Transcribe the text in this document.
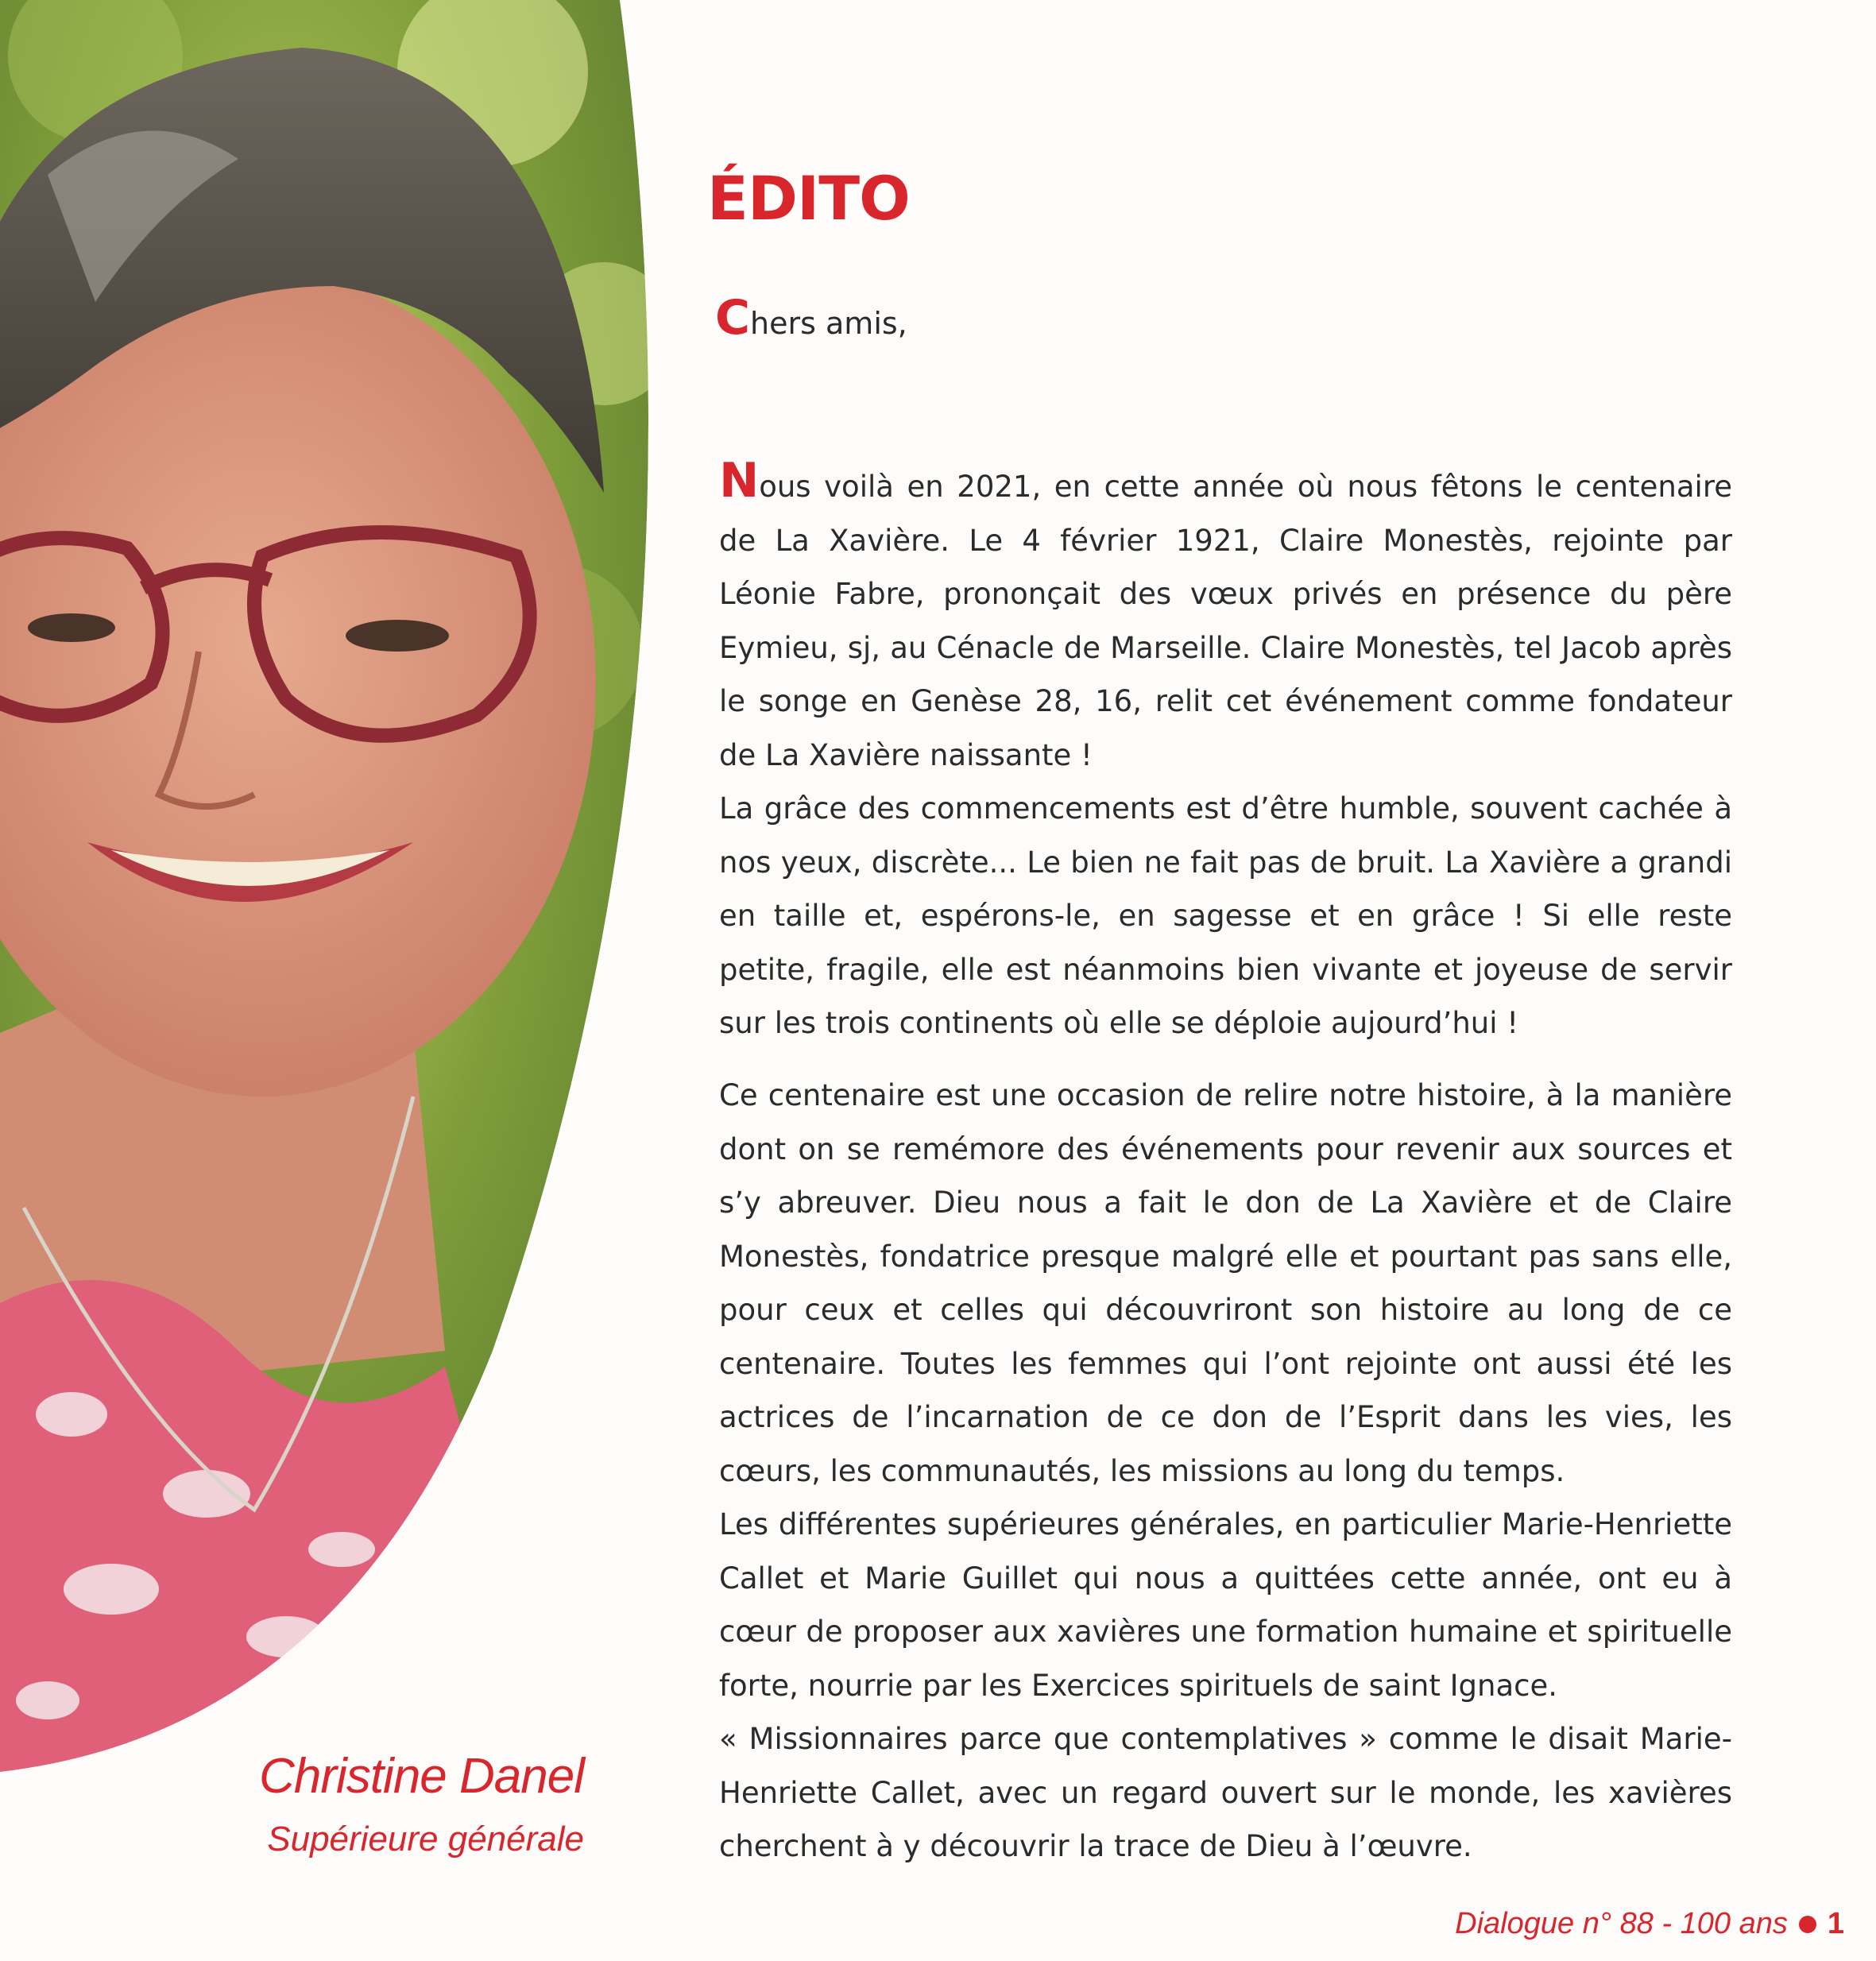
Christine Danel
Supérieure générale
ÉDITO
Chers amis,

Nous voilà en 2021, en cette année où nous fêtons le centenaire de La Xavière. Le 4 février 1921, Claire Monestès, rejointe par Léonie Fabre, prononçait des vœux privés en présence du père Eymieu, sj, au Cénacle de Marseille. Claire Monestès, tel Jacob après le songe en Genèse 28, 16, relit cet événement comme fondateur de La Xavière naissante !

La grâce des commencements est d’être humble, souvent cachée à nos yeux, discrète... Le bien ne fait pas de bruit. La Xavière a grandi en taille et, espérons-le, en sagesse et en grâce ! Si elle reste petite, fragile, elle est néanmoins bien vivante et joyeuse de servir sur les trois continents où elle se déploie aujourd’hui !

Ce centenaire est une occasion de relire notre histoire, à la manière dont on se remémore des événements pour revenir aux sources et s’y abreuver. Dieu nous a fait le don de La Xavière et de Claire Monestès, fondatrice presque malgré elle et pourtant pas sans elle, pour ceux et celles qui découvriront son histoire au long de ce centenaire. Toutes les femmes qui l’ont rejointe ont aussi été les actrices de l’incarnation de ce don de l’Esprit dans les vies, les cœurs, les communautés, les missions au long du temps.

Les différentes supérieures générales, en particulier Marie-Henriette Callet et Marie Guillet qui nous a quittées cette année, ont eu à cœur de proposer aux xavières une formation humaine et spirituelle forte, nourrie par les Exercices spirituels de saint Ignace.

« Missionnaires parce que contemplatives » comme le disait Marie-Henriette Callet, avec un regard ouvert sur le monde, les xavières cherchent à y découvrir la trace de Dieu à l’œuvre.

Dialogue n° 88 - 100 ans 1
